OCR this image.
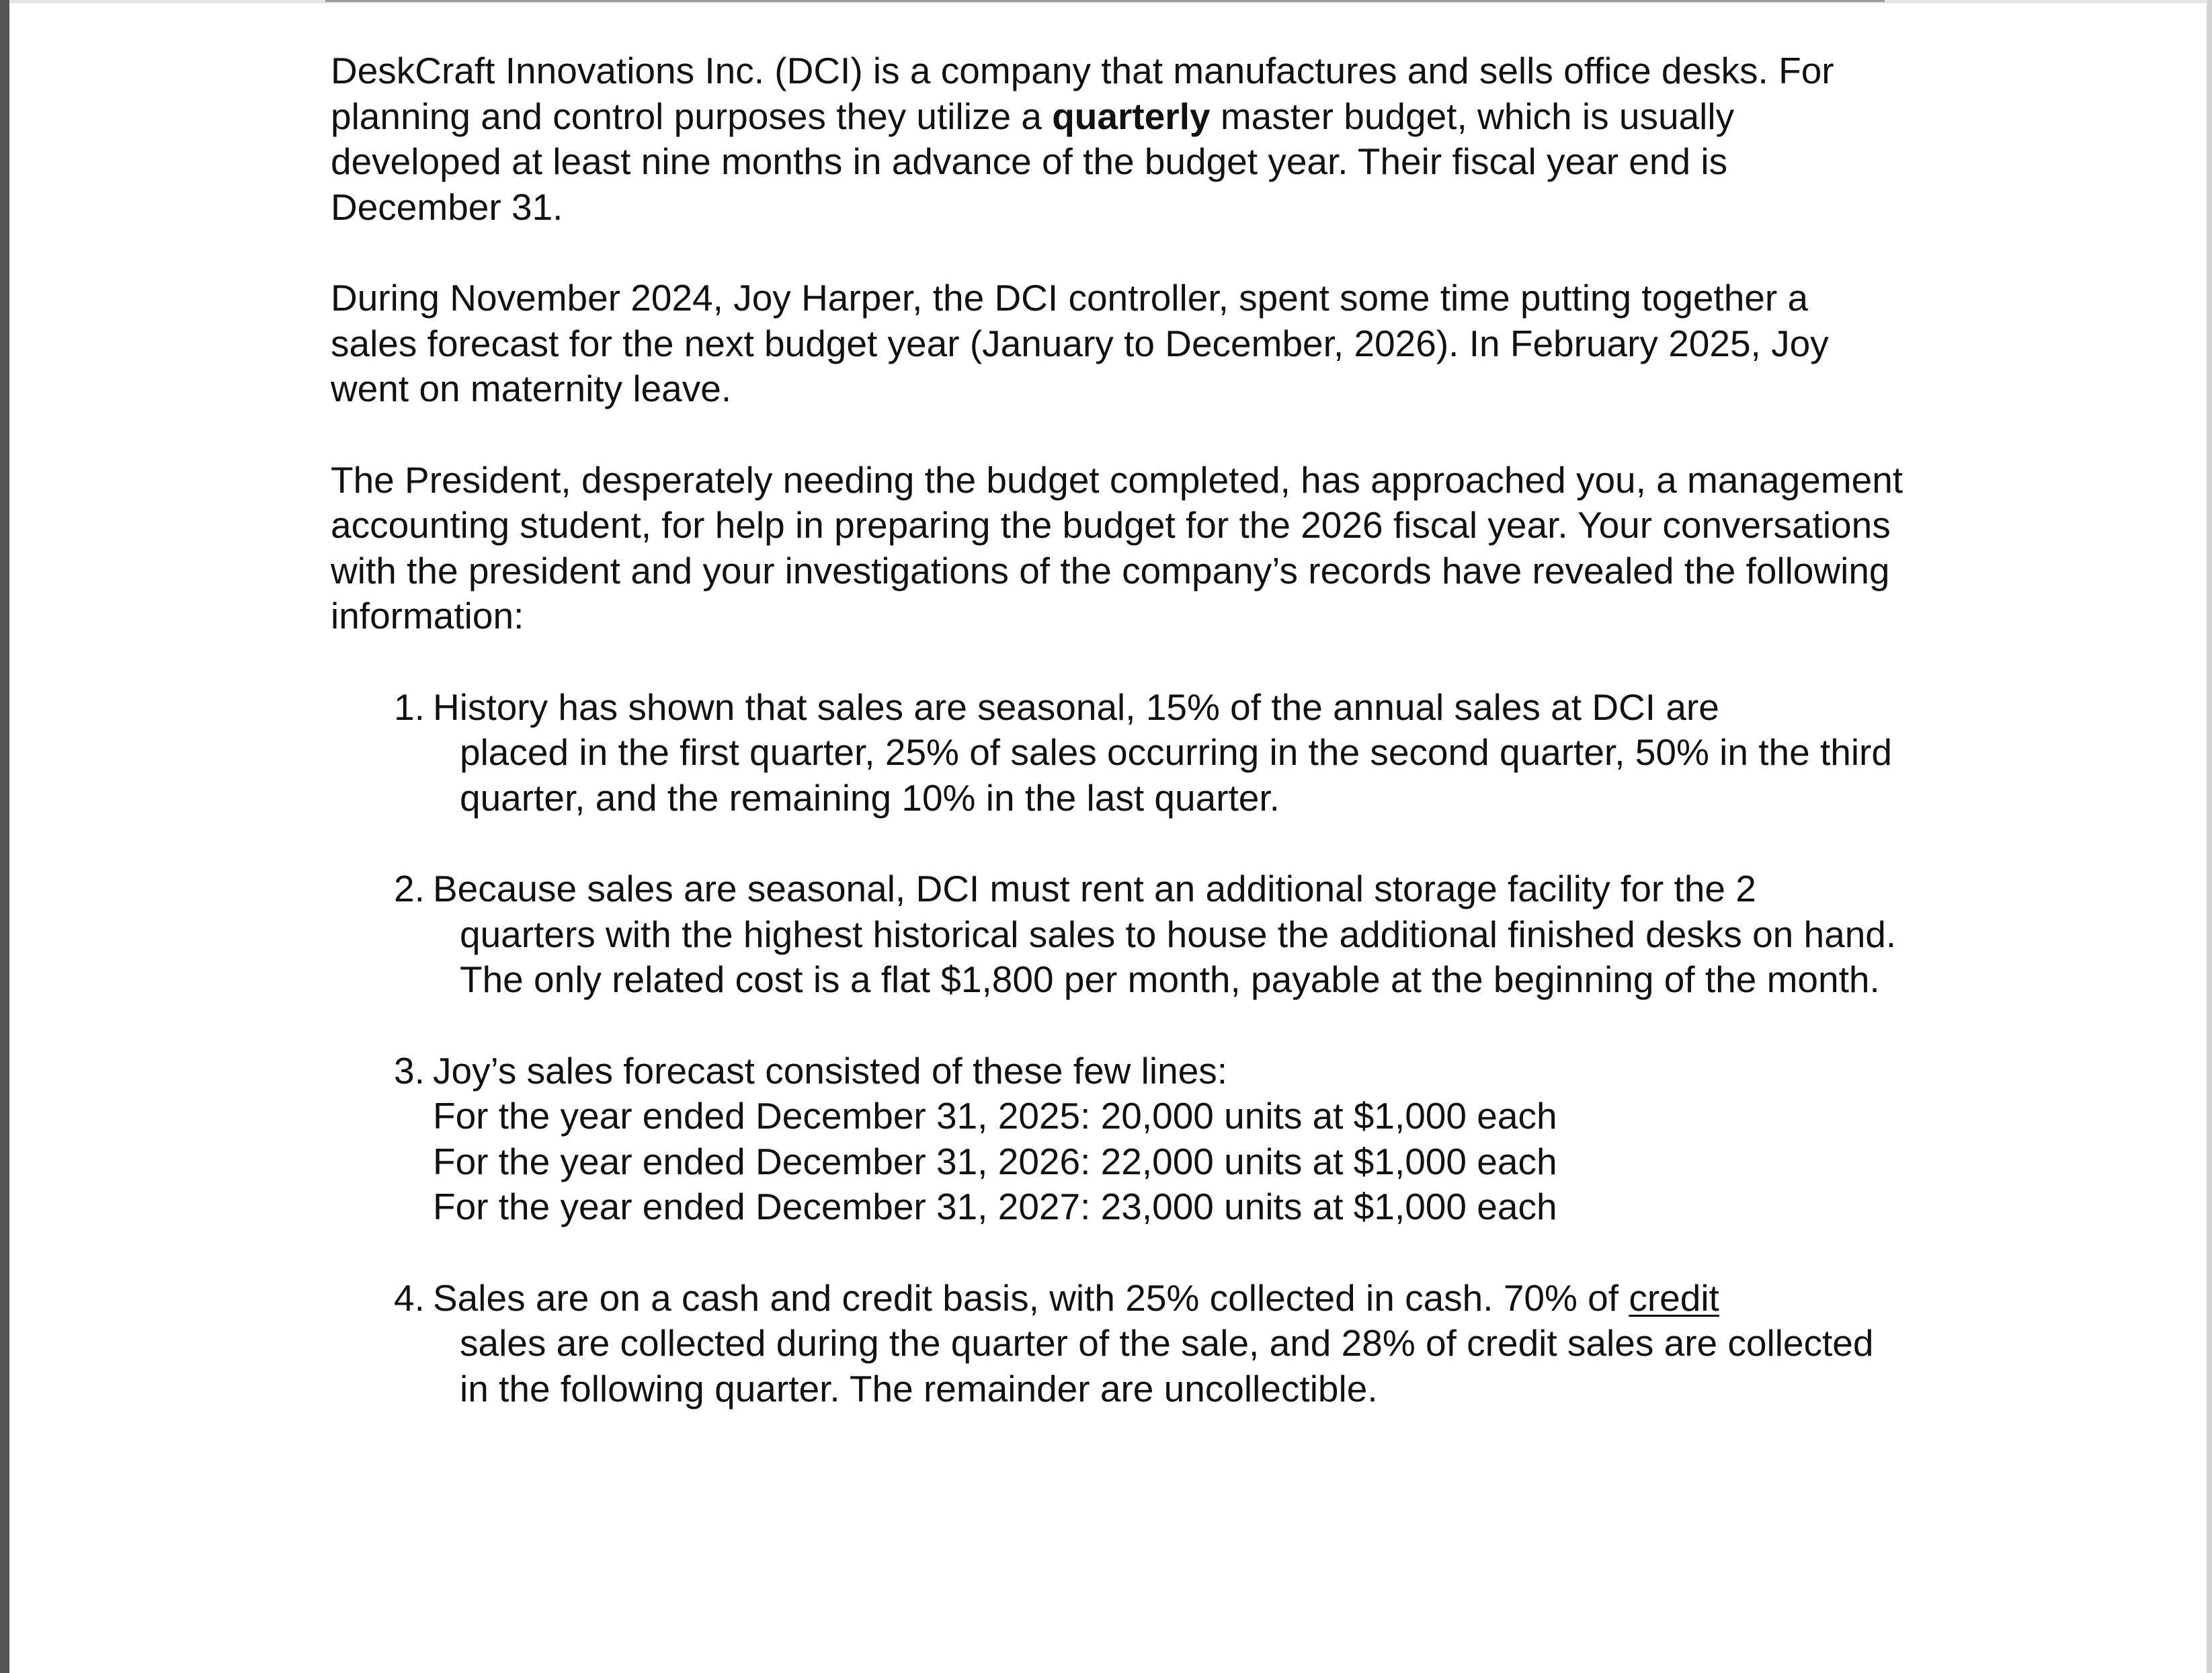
DeskCraft Innovations Inc. (DCI) is a company that manufactures and sells office desks. For planning and control purposes they utilize a quarterly master budget, which is usually developed at least nine months in advance of the budget year. Their fiscal year end is December 31.

During November 2024, Joy Harper, the DCI controller, spent some time putting together a sales forecast for the next budget year (January to December, 2026). In February 2025, Joy went on maternity leave.

The President, desperately needing the budget completed, has approached you, a management accounting student, for help in preparing the budget for the 2026 fiscal year. Your conversations with the president and your investigations of the company’s records have revealed the following information:

1. History has shown that sales are seasonal, 15% of the annual sales at DCI are
placed in the first quarter, 25% of sales occurring in the second quarter, 50% in the third quarter, and the remaining 10% in the last quarter.
2. Because sales are seasonal, DCI must rent an additional storage facility for the 2
quarters with the highest historical sales to house the additional finished desks on hand. The only related cost is a flat $1,800 per month, payable at the beginning of the month.
3. Joy’s sales forecast consisted of these few lines:
For the year ended December 31, 2025: 20,000 units at $1,000 each
For the year ended December 31, 2026: 22,000 units at $1,000 each
For the year ended December 31, 2027: 23,000 units at $1,000 each
4. Sales are on a cash and credit basis, with 25% collected in cash. 70% of credit
sales are collected during the quarter of the sale, and 28% of credit sales are collected in the following quarter. The remainder are uncollectible.
